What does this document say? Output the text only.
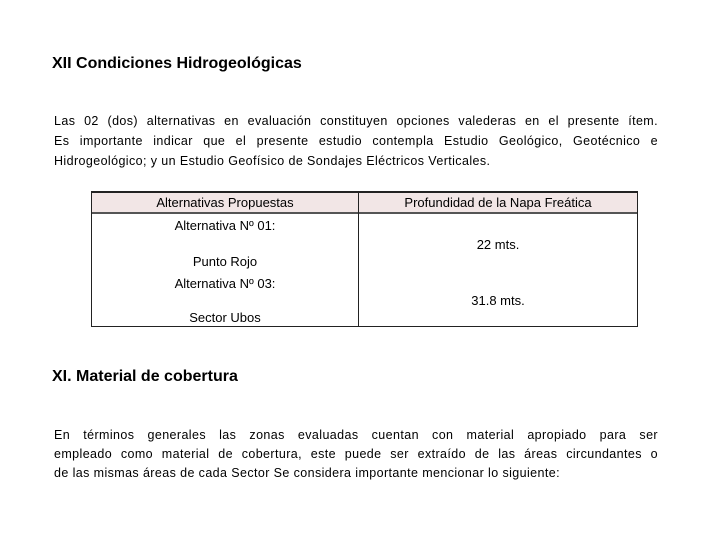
XII Condiciones Hidrogeológicas
Las 02 (dos) alternativas en evaluación constituyen opciones valederas en el presente ítem.
Es importante indicar que el presente estudio contempla Estudio Geológico, Geotécnico e
Hidrogeológico; y un Estudio Geofísico de Sondajes Eléctricos Verticales.
Alternativas Propuestas
Alternativa Nº 01:
Punto Rojo
Alternativa Nº 03:
Sector Ubos
Profundidad de la Napa Freática
22 mts.
31.8 mts.
XI. Material de cobertura
En términos generales las zonas evaluadas cuentan con material apropiado para ser
empleado como material de cobertura, este puede ser extraído de las áreas circundantes o
de las mismas áreas de cada Sector Se considera importante mencionar lo siguiente:
